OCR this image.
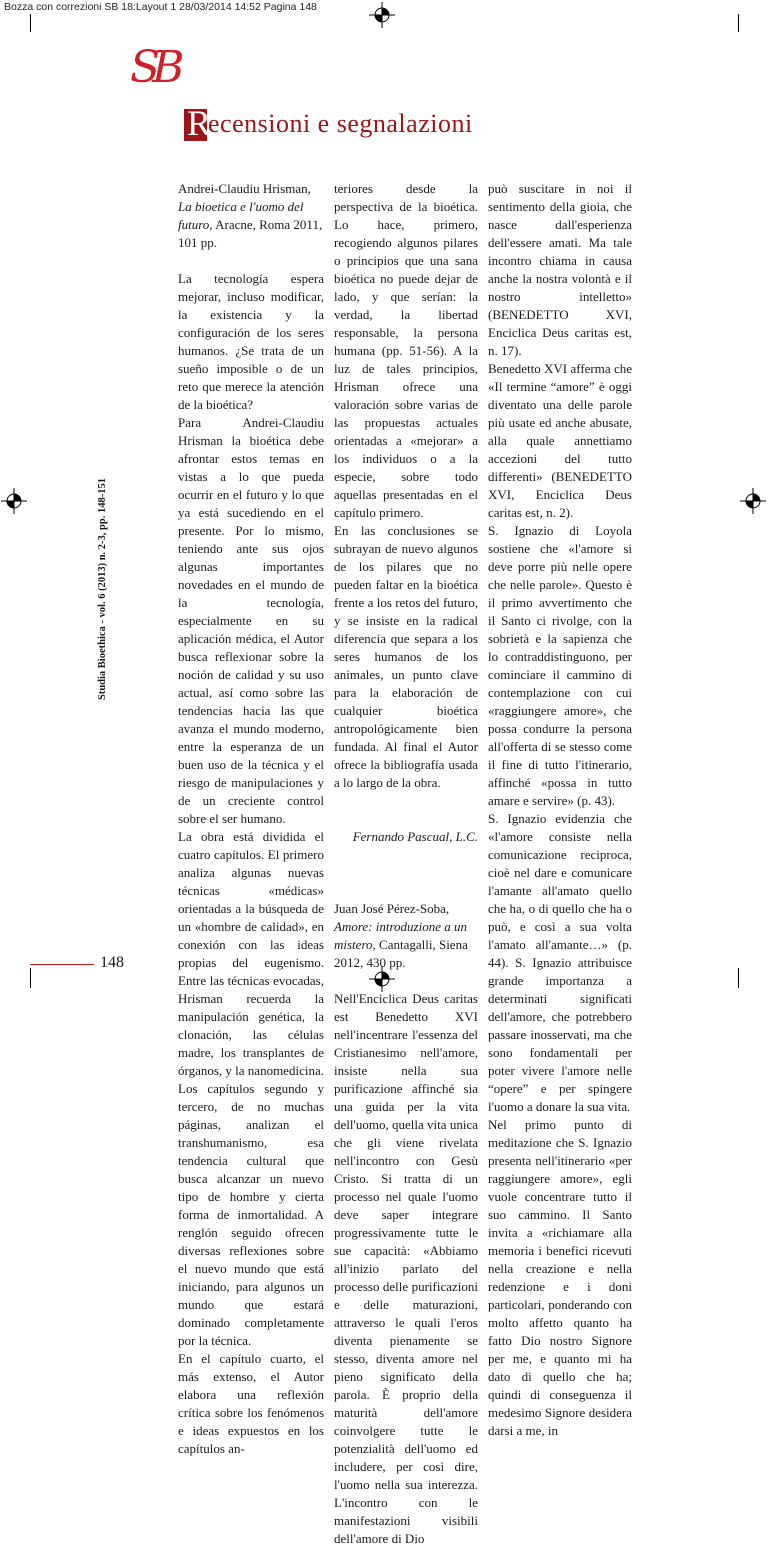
Bozza con correzioni SB 18:Layout 1 28/03/2014 14:52 Pagina 148
SB
R
ecensioni e segnalazioni
Studia Bioethica - vol. 6 (2013) n. 2-3, pp. 148-151

Andrei-Claudiu Hrisman, La bioetica e l'uomo del futuro, Aracne, Roma 2011, 101 pp.

La tecnología espera mejorar, incluso modificar, la existencia y la configuración de los seres humanos. ¿Se trata de un sueño imposible o de un reto que merece la atención de la bioética?

Para Andrei-Claudiu Hrisman la bioética debe afrontar estos temas en vistas a lo que pueda ocurrir en el futuro y lo que ya está sucediendo en el presente. Por lo mismo, teniendo ante sus ojos algunas importantes novedades en el mundo de la tecnología, especialmente en su aplicación médica, el Autor busca reflexionar sobre la noción de calidad y su uso actual, así como sobre las tendencias hacia las que avanza el mundo moderno, entre la esperanza de un buen uso de la técnica y el riesgo de manipulaciones y de un creciente control sobre el ser humano.

La obra está dividida el cuatro capítulos. El primero analiza algunas nuevas técnicas «médicas» orientadas a la búsqueda de un «hombre de calidad», en conexión con las ideas propias del eugenismo. Entre las técnicas evocadas, Hrisman recuerda la manipulación genética, la clonación, las células madre, los transplantes de órganos, y la nanomedicina.

Los capítulos segundo y tercero, de no muchas páginas, analizan el transhumanismo, esa tendencia cultural que busca alcanzar un nuevo tipo de hombre y cierta forma de inmortalidad. A renglón seguido ofrecen diversas reflexiones sobre el nuevo mundo que está iniciando, para algunos un mundo que estará dominado completamente por la técnica.

En el capítulo cuarto, el más extenso, el Autor elabora una reflexión crítica sobre los fenómenos e ideas expuestos en los capítulos an-

teriores desde la perspectiva de la bioética. Lo hace, primero, recogiendo algunos pilares o principios que una sana bioética no puede dejar de lado, y que serían: la verdad, la libertad responsable, la persona humana (pp. 51-56). A la luz de tales principios, Hrisman ofrece una valoración sobre varias de las propuestas actuales orientadas a «mejorar» a los individuos o a la especie, sobre todo aquellas presentadas en el capítulo primero.

En las conclusiones se subrayan de nuevo algunos de los pilares que no pueden faltar en la bioética frente a los retos del futuro, y se insiste en la radical diferencia que separa a los seres humanos de los animales, un punto clave para la elaboración de cualquier bioética antropológicamente bien fundada. Al final el Autor ofrece la bibliografía usada a lo largo de la obra.

Fernando Pascual, L.C.

Juan José Pérez-Soba, Amore: introduzione a un mistero, Cantagalli, Siena 2012, 430 pp.

Nell'Enciclica Deus caritas est Benedetto XVI nell'incentrare l'essenza del Cristianesimo nell'amore, insiste nella sua purificazione affinché sia una guida per la vita dell'uomo, quella vita unica che gli viene rivelata nell'incontro con Gesù Cristo. Si tratta di un processo nel quale l'uomo deve saper integrare progressivamente tutte le sue capacità: «Abbiamo all'inizio parlato del processo delle purificazioni e delle maturazioni, attraverso le quali l'eros diventa pienamente se stesso, diventa amore nel pieno significato della parola. È proprio della maturità dell'amore coinvolgere tutte le potenzialità dell'uomo ed includere, per così dire, l'uomo nella sua interezza. L'incontro con le manifestazioni visibili dell'amore di Dio

può suscitare in noi il sentimento della gioia, che nasce dall'esperienza dell'essere amati. Ma tale incontro chiama in causa anche la nostra volontà e il nostro intelletto» (BENEDETTO XVI, Enciclica Deus caritas est, n. 17).

Benedetto XVI afferma che «Il termine “amore” è oggi diventato una delle parole più usate ed anche abusate, alla quale annettiamo accezioni del tutto differenti» (BENEDETTO XVI, Enciclica Deus caritas est, n. 2).

S. Ignazio di Loyola sostiene che «l'amore si deve porre più nelle opere che nelle parole». Questo è il primo avvertimento che il Santo ci rivolge, con la sobrietà e la sapienza che lo contraddistinguono, per cominciare il cammino di contemplazione con cui «raggiungere amore», che possa condurre la persona all'offerta di se stesso come il fine di tutto l'itinerario, affinché «possa in tutto amare e servire» (p. 43).

S. Ignazio evidenzia che «l'amore consiste nella comunicazione reciproca, cioè nel dare e comunicare l'amante all'amato quello che ha, o di quello che ha o può, e così a sua volta l'amato all'amante…» (p. 44). S. Ignazio attribuisce grande importanza a determinati significati dell'amore, che potrebbero passare inosservati, ma che sono fondamentali per poter vivere l'amore nelle “opere” e per spingere l'uomo a donare la sua vita.

Nel primo punto di meditazione che S. Ignazio presenta nell'itinerario «per raggiungere amore», egli vuole concentrare tutto il suo cammino. Il Santo invita a «richiamare alla memoria i benefici ricevuti nella creazione e nella redenzione e i doni particolari, ponderando con molto affetto quanto ha fatto Dio nostro Signore per me, e quanto mi ha dato di quello che ha; quindi di conseguenza il medesimo Signore desidera darsi a me, in

148
